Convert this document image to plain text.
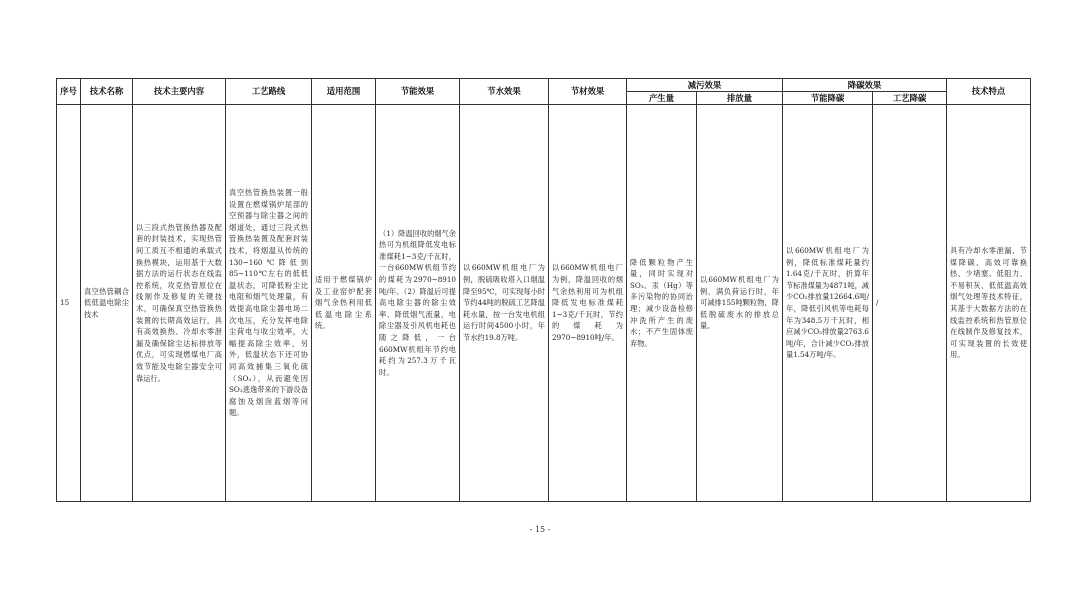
序号	技术名称	技术主要内容	工艺路线	适用范围	节能效果	节水效果	节材效果	减污效果		降碳效果		技术特点
								产生量	排放量	节能降碳	工艺降碳	
15	真空热管耦合低低温电除尘技术	以三段式热管换热器及配套的封装技术，实现热管间工质互不相通的承载式换热模块，运用基于大数据方法的运行状态在线监控系统，攻克热管原位在线制作及修复的关键技术，可确保真空热管换热装置的长期高效运行，具有高效换热、冷却水零泄漏及确保除尘达标排放等优点，可实现燃煤电厂高效节能及电除尘器安全可靠运行。	真空热管换热装置一般设置在燃煤锅炉尾部的空预器与除尘器之间的烟道处，通过三段式热管换热装置及配套封装技术，将烟温从传统的130~160℃降低到85~110℃左右的低低温状态，可降低粉尘比电阻和烟气处理量，有效提高电除尘器电场二次电压，充分发挥电除尘荷电与收尘效率，大幅提高除尘效率，另外，低温状态下还可协同高效捕集三氧化硫（SO₃），从而避免因SO₃逃逸带来的下游设备腐蚀及烟囱蓝烟等问题。	适用于燃煤锅炉及工业窑炉配套烟气余热利用低低温电除尘系统。	（1）降温回收的烟气余热可为机组降低发电标准煤耗1~3克/千瓦时，一台660MW机组节约的煤耗为2970~8910吨/年。（2）降温后可提高电除尘器的除尘效率、降低烟气流量，电除尘器及引风机电耗也随之降低，一台660MW机组年节约电耗约为257.3万千瓦时。	以660MW机组电厂为例，脱硫吸收塔入口烟温降至95℃，可实现每小时节约44吨的脱硫工艺降温耗水量，按一台发电机组运行时间4500小时，年节水约19.8万吨。	以660MW机组电厂为例，降温回收的烟气余热利用可为机组降低发电标准煤耗1~3克/千瓦时，节约的煤耗为2970~8910吨/年。	降低颗粒物产生量，同时实现对SO₃、汞（Hg）等多污染物的协同治理；减少设备检修冲洗所产生的废水；不产生固体废弃物。	以660MW机组电厂为例，满负荷运行时，年可减排155吨颗粒物，降低脱硫废水的排放总量。	以660MW机组电厂为例，降低标准煤耗量约1.64克/千瓦时，折算年节标准煤量为4871吨，减少CO₂排放量12664.6吨/年，降低引风机等电耗每年为348.5万千瓦时，相应减少CO₂排放量2763.6吨/年，合计减少CO₂排放量1.54万吨/年。	/	具有冷却水零泄漏、节煤降碳、高效可靠换热、少堵塞、低阻力、不易积灰、低低温高效烟气处理等技术特征，其基于大数据方法的在线监控系统和热管原位在线制作及修复技术，可实现装置的长效使用。
- 15 -
